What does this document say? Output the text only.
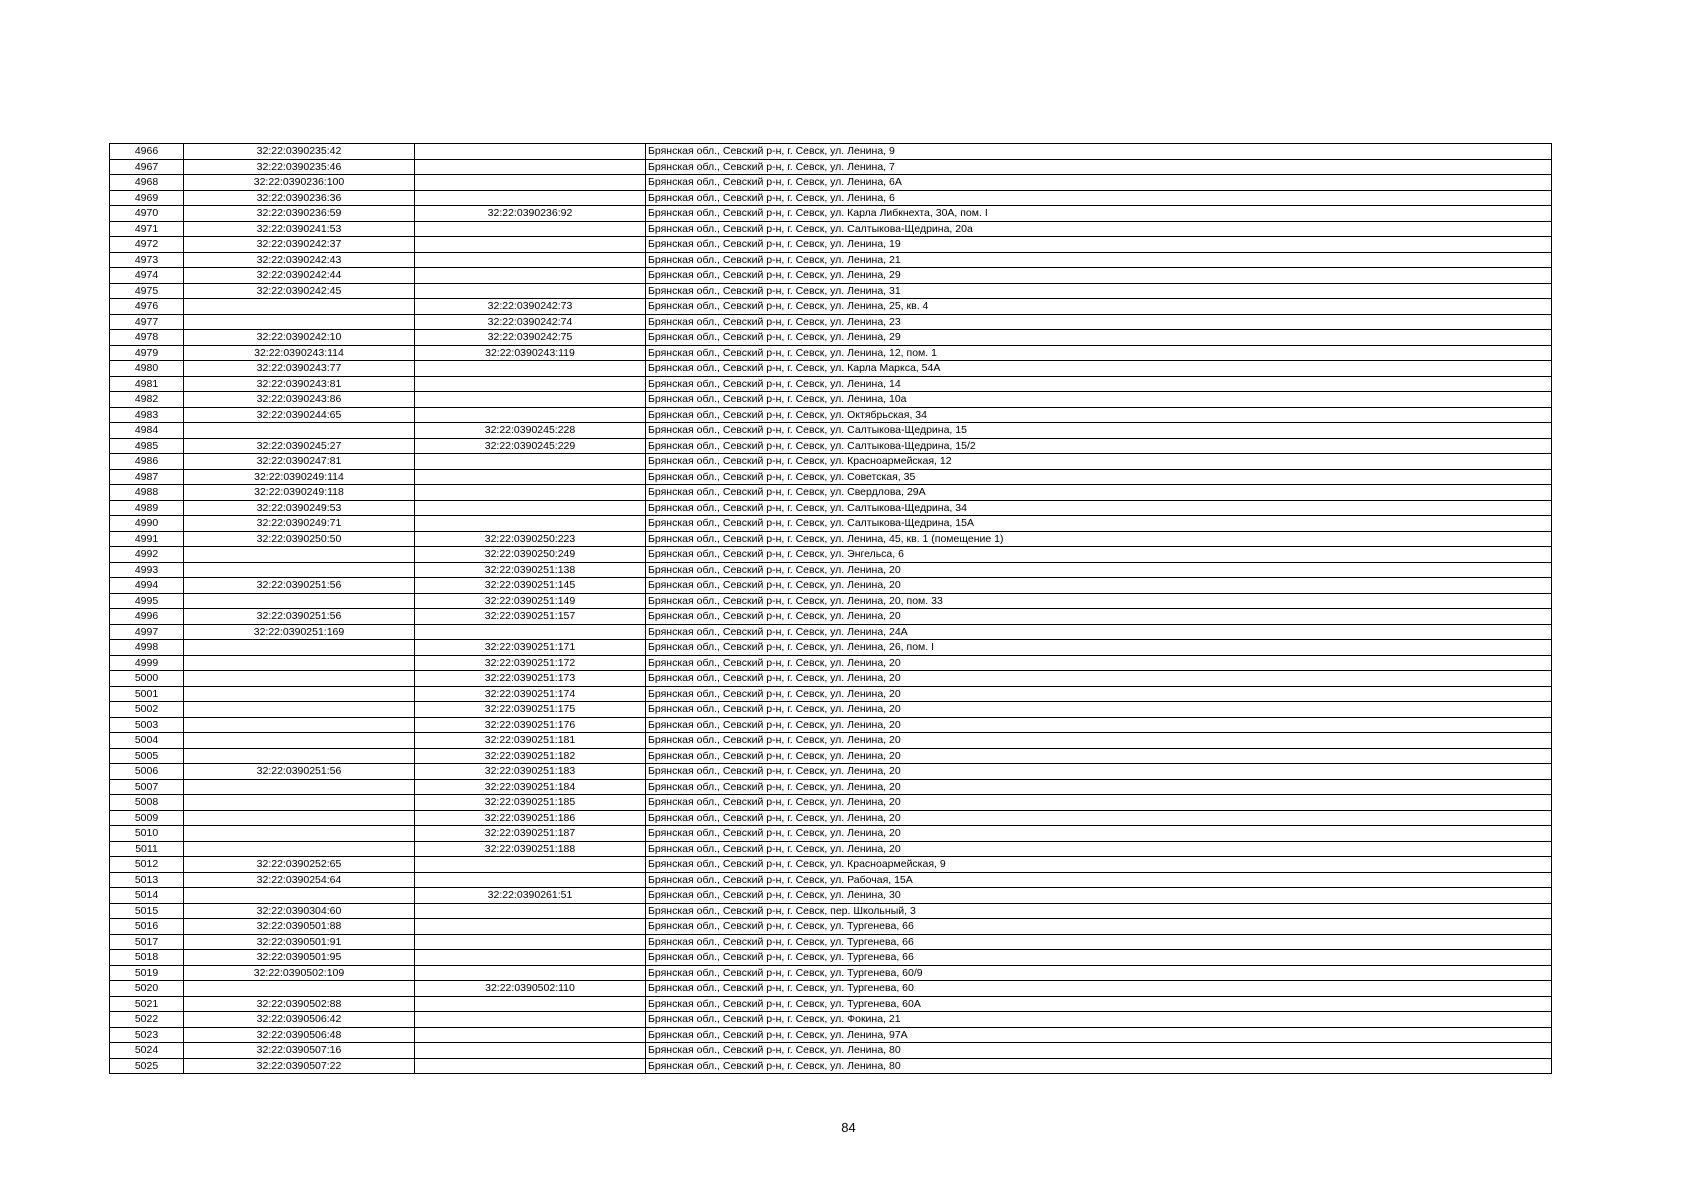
4966	32:22:0390235:42		Брянская обл., Севский р-н, г. Севск, ул. Ленина, 9
4967	32:22:0390235:46		Брянская обл., Севский р-н, г. Севск, ул. Ленина, 7
4968	32:22:0390236:100		Брянская обл., Севский р-н, г. Севск, ул. Ленина, 6А
4969	32:22:0390236:36		Брянская обл., Севский р-н, г. Севск, ул. Ленина, 6
4970	32:22:0390236:59	32:22:0390236:92	Брянская обл., Севский р-н, г. Севск, ул. Карла Либкнехта, 30А, пом. I
4971	32:22:0390241:53		Брянская обл., Севский р-н, г. Севск, ул. Салтыкова-Щедрина, 20а
4972	32:22:0390242:37		Брянская обл., Севский р-н, г. Севск, ул. Ленина, 19
4973	32:22:0390242:43		Брянская обл., Севский р-н, г. Севск, ул. Ленина, 21
4974	32:22:0390242:44		Брянская обл., Севский р-н, г. Севск, ул. Ленина, 29
4975	32:22:0390242:45		Брянская обл., Севский р-н, г. Севск, ул. Ленина, 31
4976		32:22:0390242:73	Брянская обл., Севский р-н, г. Севск, ул. Ленина, 25, кв. 4
4977		32:22:0390242:74	Брянская обл., Севский р-н, г. Севск, ул. Ленина, 23
4978	32:22:0390242:10	32:22:0390242:75	Брянская обл., Севский р-н, г. Севск, ул. Ленина, 29
4979	32:22:0390243:114	32:22:0390243:119	Брянская обл., Севский р-н, г. Севск, ул. Ленина, 12, пом. 1
4980	32:22:0390243:77		Брянская обл., Севский р-н, г. Севск, ул. Карла Маркса, 54А
4981	32:22:0390243:81		Брянская обл., Севский р-н, г. Севск, ул. Ленина, 14
4982	32:22:0390243:86		Брянская обл., Севский р-н, г. Севск, ул. Ленина, 10а
4983	32:22:0390244:65		Брянская обл., Севский р-н, г. Севск, ул. Октябрьская, 34
4984		32:22:0390245:228	Брянская обл., Севский р-н, г. Севск, ул. Салтыкова-Щедрина, 15
4985	32:22:0390245:27	32:22:0390245:229	Брянская обл., Севский р-н, г. Севск, ул. Салтыкова-Щедрина, 15/2
4986	32:22:0390247:81		Брянская обл., Севский р-н, г. Севск, ул. Красноармейская, 12
4987	32:22:0390249:114		Брянская обл., Севский р-н, г. Севск, ул. Советская, 35
4988	32:22:0390249:118		Брянская обл., Севский р-н, г. Севск, ул. Свердлова, 29А
4989	32:22:0390249:53		Брянская обл., Севский р-н, г. Севск, ул. Салтыкова-Щедрина, 34
4990	32:22:0390249:71		Брянская обл., Севский р-н, г. Севск, ул. Салтыкова-Щедрина, 15А
4991	32:22:0390250:50	32:22:0390250:223	Брянская обл., Севский р-н, г. Севск, ул. Ленина, 45, кв. 1 (помещение 1)
4992		32:22:0390250:249	Брянская обл., Севский р-н, г. Севск, ул. Энгельса, 6
4993		32:22:0390251:138	Брянская обл., Севский р-н, г. Севск, ул. Ленина, 20
4994	32:22:0390251:56	32:22:0390251:145	Брянская обл., Севский р-н, г. Севск, ул. Ленина, 20
4995		32:22:0390251:149	Брянская обл., Севский р-н, г. Севск, ул. Ленина, 20, пом. 33
4996	32:22:0390251:56	32:22:0390251:157	Брянская обл., Севский р-н, г. Севск, ул. Ленина, 20
4997	32:22:0390251:169		Брянская обл., Севский р-н, г. Севск, ул. Ленина, 24А
4998		32:22:0390251:171	Брянская обл., Севский р-н, г. Севск, ул. Ленина, 26, пом. I
4999		32:22:0390251:172	Брянская обл., Севский р-н, г. Севск, ул. Ленина, 20
5000		32:22:0390251:173	Брянская обл., Севский р-н, г. Севск, ул. Ленина, 20
5001		32:22:0390251:174	Брянская обл., Севский р-н, г. Севск, ул. Ленина, 20
5002		32:22:0390251:175	Брянская обл., Севский р-н, г. Севск, ул. Ленина, 20
5003		32:22:0390251:176	Брянская обл., Севский р-н, г. Севск, ул. Ленина, 20
5004		32:22:0390251:181	Брянская обл., Севский р-н, г. Севск, ул. Ленина, 20
5005		32:22:0390251:182	Брянская обл., Севский р-н, г. Севск, ул. Ленина, 20
5006	32:22:0390251:56	32:22:0390251:183	Брянская обл., Севский р-н, г. Севск, ул. Ленина, 20
5007		32:22:0390251:184	Брянская обл., Севский р-н, г. Севск, ул. Ленина, 20
5008		32:22:0390251:185	Брянская обл., Севский р-н, г. Севск, ул. Ленина, 20
5009		32:22:0390251:186	Брянская обл., Севский р-н, г. Севск, ул. Ленина, 20
5010		32:22:0390251:187	Брянская обл., Севский р-н, г. Севск, ул. Ленина, 20
5011		32:22:0390251:188	Брянская обл., Севский р-н, г. Севск, ул. Ленина, 20
5012	32:22:0390252:65		Брянская обл., Севский р-н, г. Севск, ул. Красноармейская, 9
5013	32:22:0390254:64		Брянская обл., Севский р-н, г. Севск, ул. Рабочая, 15А
5014		32:22:0390261:51	Брянская обл., Севский р-н, г. Севск, ул. Ленина, 30
5015	32:22:0390304:60		Брянская обл., Севский р-н, г. Севск, пер. Школьный, 3
5016	32:22:0390501:88		Брянская обл., Севский р-н, г. Севск, ул. Тургенева, 66
5017	32:22:0390501:91		Брянская обл., Севский р-н, г. Севск, ул. Тургенева, 66
5018	32:22:0390501:95		Брянская обл., Севский р-н, г. Севск, ул. Тургенева, 66
5019	32:22:0390502:109		Брянская обл., Севский р-н, г. Севск, ул. Тургенева, 60/9
5020		32:22:0390502:110	Брянская обл., Севский р-н, г. Севск, ул. Тургенева, 60
5021	32:22:0390502:88		Брянская обл., Севский р-н, г. Севск, ул. Тургенева, 60А
5022	32:22:0390506:42		Брянская обл., Севский р-н, г. Севск, ул. Фокина, 21
5023	32:22:0390506:48		Брянская обл., Севский р-н, г. Севск, ул. Ленина, 97А
5024	32:22:0390507:16		Брянская обл., Севский р-н, г. Севск, ул. Ленина, 80
5025	32:22:0390507:22		Брянская обл., Севский р-н, г. Севск, ул. Ленина, 80
84
